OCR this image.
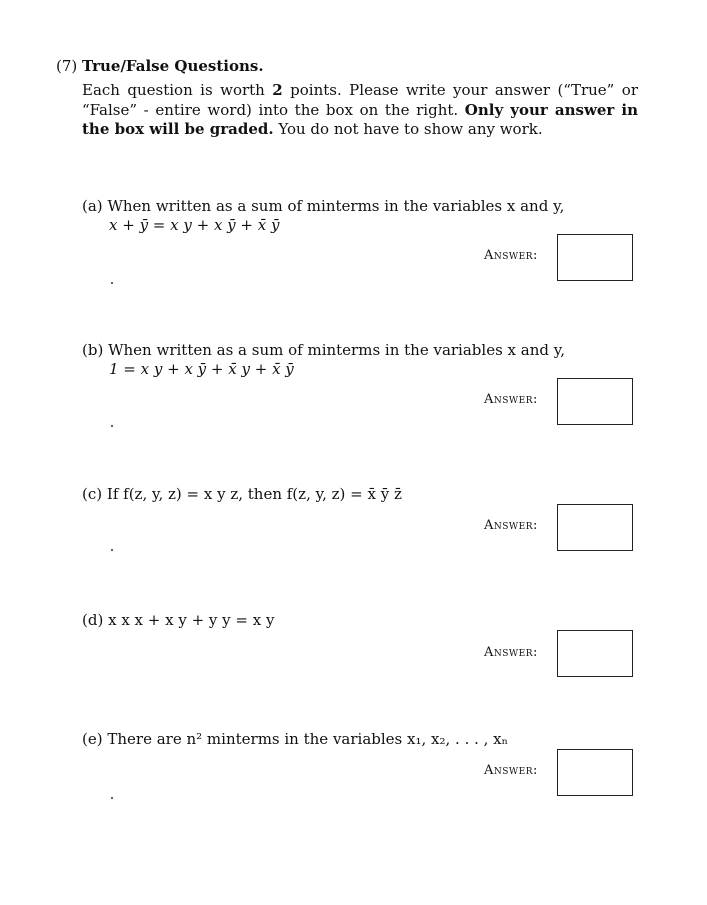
(7) True/False Questions.
Each question is worth 2 points. Please write your answer (“True” or “False” - entire word) into the box on the right. Only your answer in the box will be graded. You do not have to show any work.
(a) When written as a sum of minterms in the variables x and y,
x + ȳ = x y + x ȳ + x̄ ȳ
Answer:
(b) When written as a sum of minterms in the variables x and y,
1 = x y + x ȳ + x̄ y + x̄ ȳ
Answer:
(c) If f(z, y, z) = x y z, then f(z, y, z) = x̄ ȳ z̄
Answer:
(d) x x x + x y + y y = x y
Answer:
(e) There are n² minterms in the variables x₁, x₂, . . . , xₙ
Answer:
